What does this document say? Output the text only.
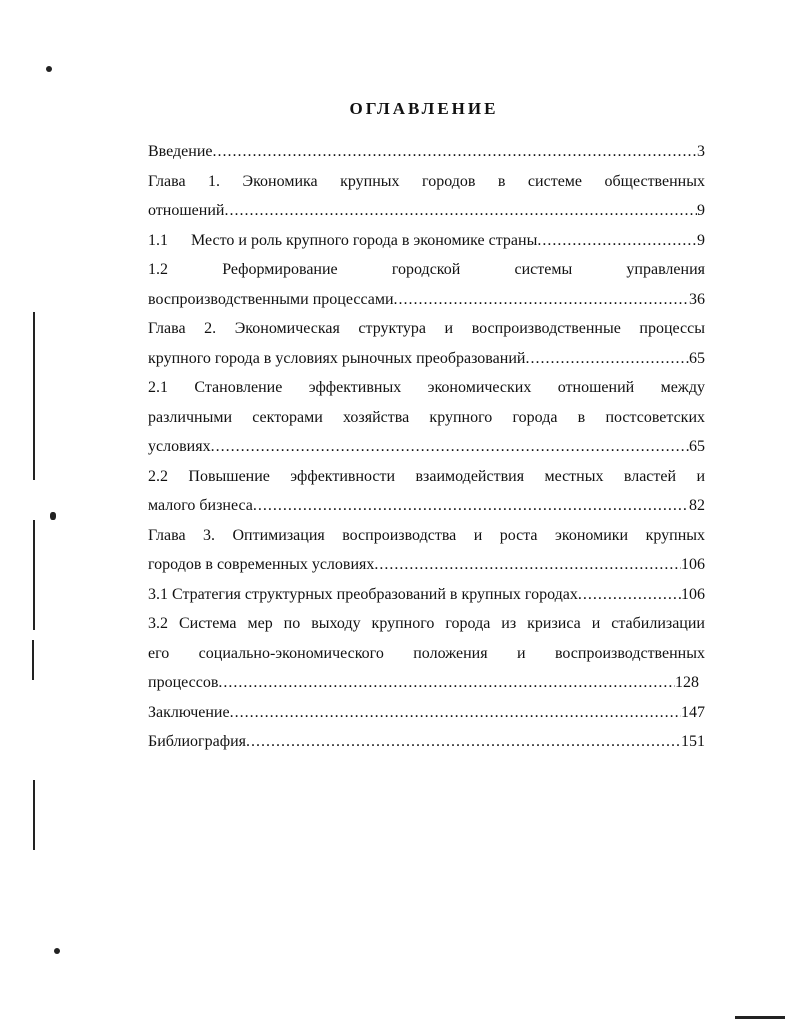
ОГЛАВЛЕНИЕ
Введение .....	3
Глава 1. Экономика крупных городов в системе общественных
отношений .....	9
1.1 Место и роль крупного города в экономике страны .....	9
1.2 Реформирование городской системы управления
воспроизводственными процессами .....	36
Глава 2. Экономическая структура и воспроизводственные процессы
крупного города в условиях рыночных преобразований .....	65
2.1 Становление эффективных экономических отношений между
различными секторами хозяйства крупного города в постсоветских
условиях .....	65
2.2 Повышение эффективности взаимодействия местных властей и
малого бизнеса .....	82
Глава 3. Оптимизация воспроизводства и роста экономики крупных
городов в современных условиях .....	106
3.1 Стратегия структурных преобразований в крупных городах .....	106
3.2 Система мер по выходу крупного города из кризиса и стабилизации
его социально-экономического положения и воспроизводственных
процессов .....	128
Заключение .....	147
Библиография .....	151
